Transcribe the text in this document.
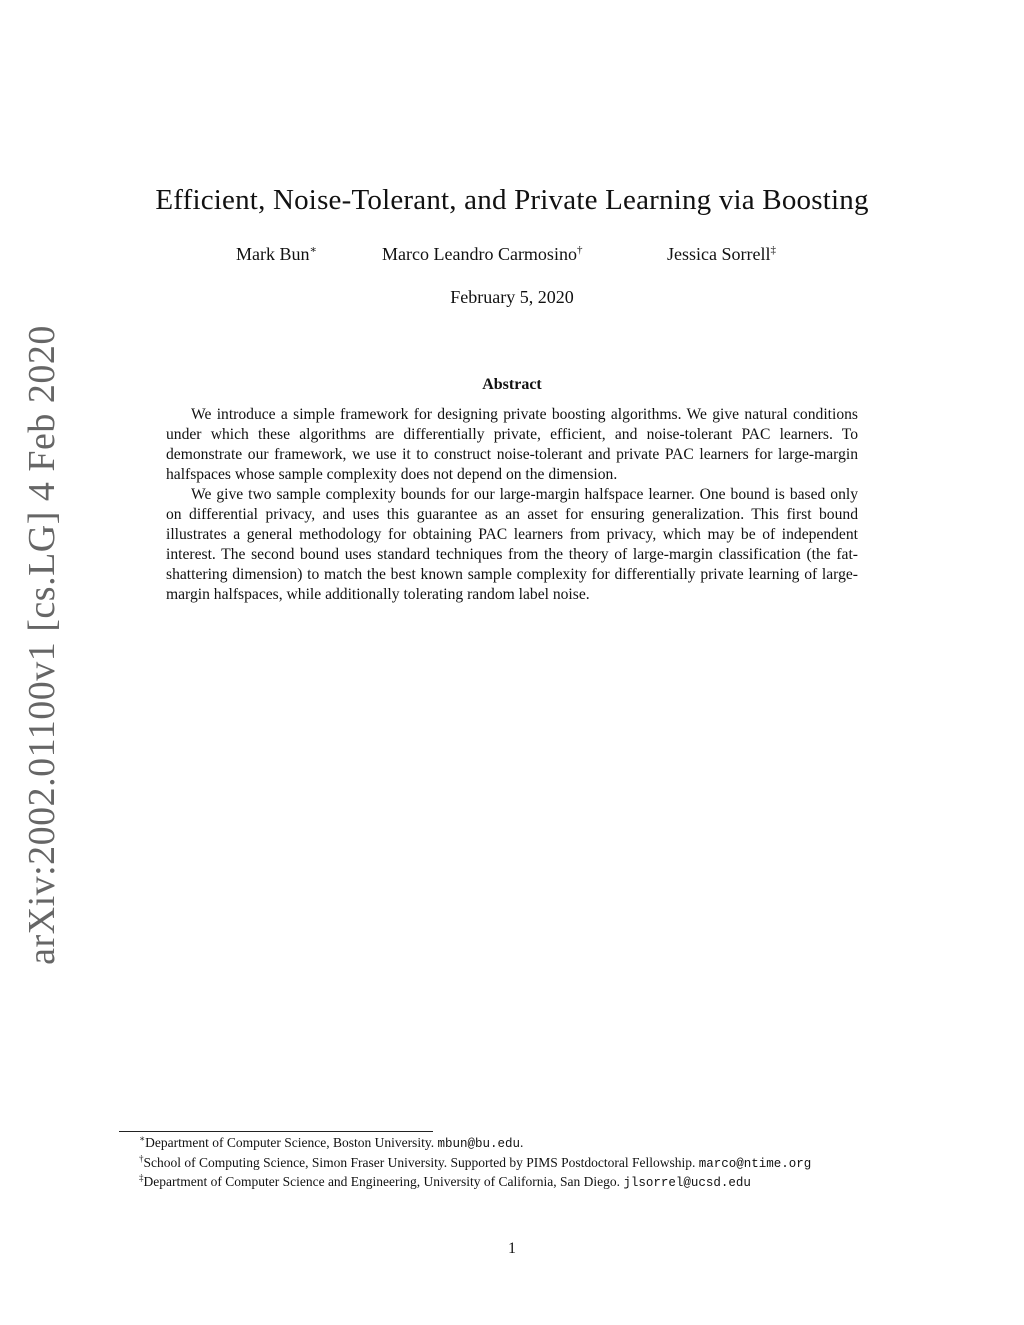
arXiv:2002.01100v1 [cs.LG] 4 Feb 2020
Efficient, Noise-Tolerant, and Private Learning via Boosting
Mark Bun∗	Marco Leandro Carmosino†	Jessica Sorrell‡
February 5, 2020
Abstract

We introduce a simple framework for designing private boosting algorithms. We give natural conditions under which these algorithms are differentially private, efficient, and noise-tolerant PAC learners. To demonstrate our framework, we use it to construct noise-tolerant and private PAC learners for large-margin halfspaces whose sample complexity does not depend on the dimension.

We give two sample complexity bounds for our large-margin halfspace learner. One bound is based only on differential privacy, and uses this guarantee as an asset for ensuring generalization. This first bound illustrates a general methodology for obtaining PAC learners from privacy, which may be of independent interest. The second bound uses standard techniques from the theory of large-margin classification (the fat-shattering dimension) to match the best known sample complexity for differentially private learning of large-margin halfspaces, while additionally tolerating random label noise.

∗Department of Computer Science, Boston University. mbun@bu.edu.

†School of Computing Science, Simon Fraser University. Supported by PIMS Postdoctoral Fellowship. marco@ntime.org

‡Department of Computer Science and Engineering, University of California, San Diego. jlsorrel@ucsd.edu

1
